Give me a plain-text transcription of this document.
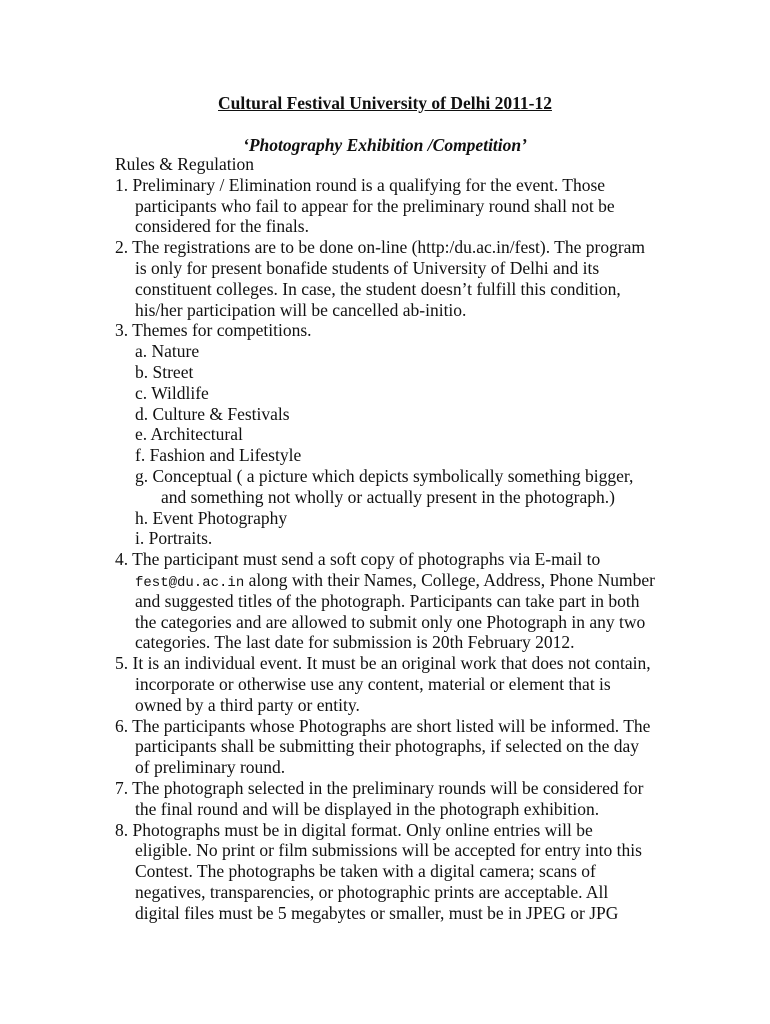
Cultural Festival University of Delhi 2011-12
‘Photography Exhibition /Competition’
Rules & Regulation
1. Preliminary / Elimination round is a qualifying for the event. Those
participants who fail to appear for the preliminary round shall not be
considered for the finals.
2. The registrations are to be done on-line (http:/du.ac.in/fest). The program
is only for present bonafide students of University of Delhi and its
constituent colleges. In case, the student doesn’t fulfill this condition,
his/her participation will be cancelled ab-initio.
3. Themes for competitions.
a. Nature
b. Street
c. Wildlife
d. Culture & Festivals
e. Architectural
f. Fashion and Lifestyle
g. Conceptual ( a picture which depicts symbolically something bigger,
and something not wholly or actually present in the photograph.)
h. Event Photography
i. Portraits.
4. The participant must send a soft copy of photographs via E-mail to
fest@du.ac.in along with their Names, College, Address, Phone Number
and suggested titles of the photograph. Participants can take part in both
the categories and are allowed to submit only one Photograph in any two
categories. The last date for submission is 20th February 2012.
5. It is an individual event. It must be an original work that does not contain,
incorporate or otherwise use any content, material or element that is
owned by a third party or entity.
6. The participants whose Photographs are short listed will be informed. The
participants shall be submitting their photographs, if selected on the day
of preliminary round.
7. The photograph selected in the preliminary rounds will be considered for
the final round and will be displayed in the photograph exhibition.
8. Photographs must be in digital format. Only online entries will be
eligible. No print or film submissions will be accepted for entry into this
Contest. The photographs be taken with a digital camera; scans of
negatives, transparencies, or photographic prints are acceptable. All
digital files must be 5 megabytes or smaller, must be in JPEG or JPG
